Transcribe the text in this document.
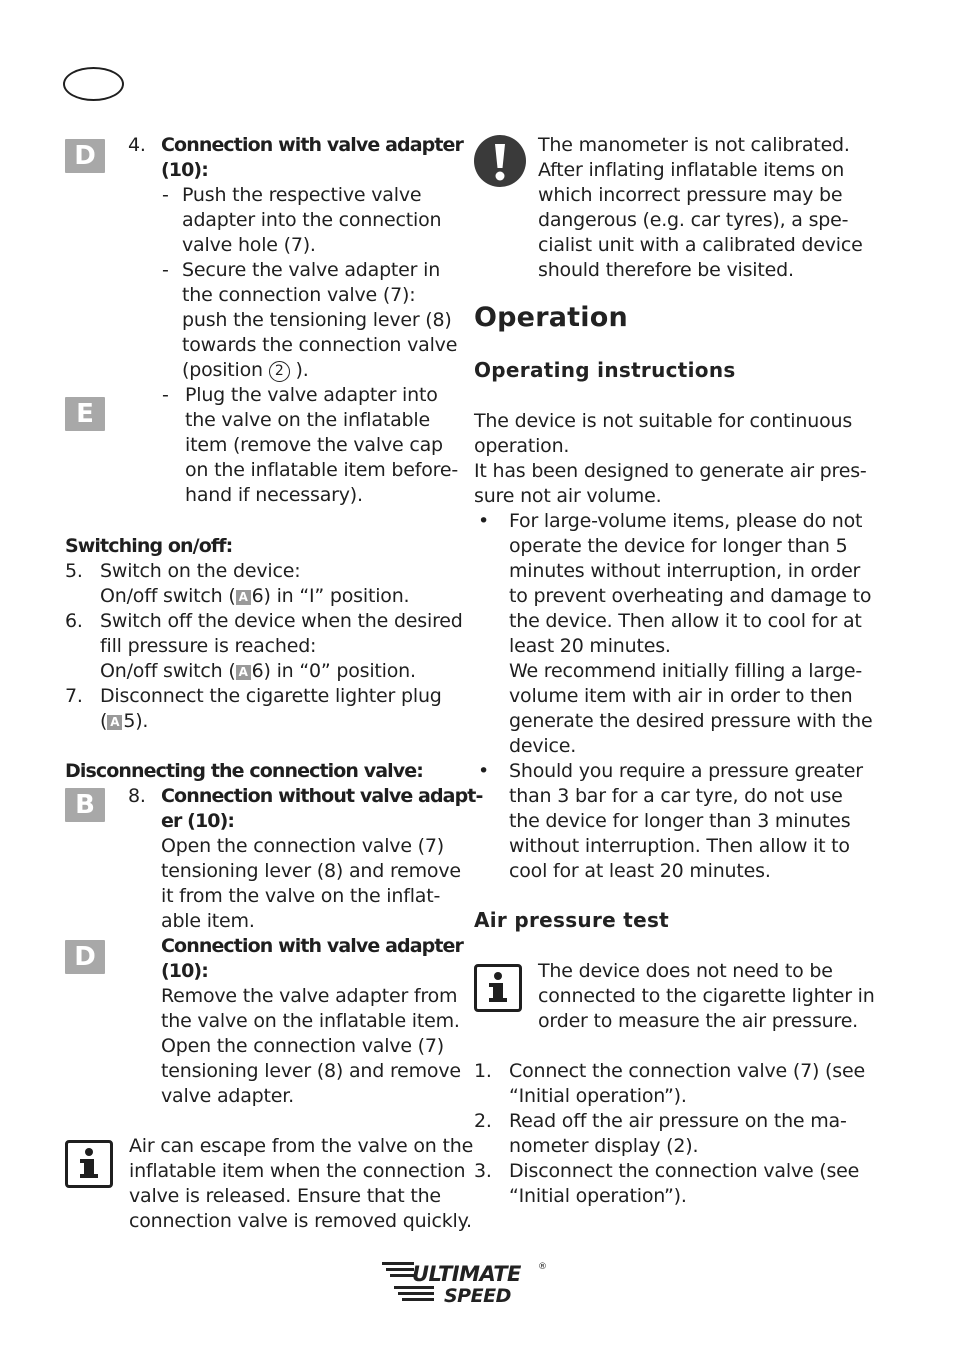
D
E
B
D
4. Connection with valve adapter
(10):
- Push the respective valve
adapter into the connection
valve hole (7).
- Secure the valve adapter in
the connection valve (7):
push the tensioning lever (8)
towards the connection valve
(position 2 ).
- Plug the valve adapter into
the valve on the inflatable
item (remove the valve cap
on the inflatable item before-
hand if necessary).
Switching on/off:
5. Switch on the device:
On/off switch ( A 6) in “I” position.
6. Switch off the device when the desired
fill pressure is reached:
On/off switch ( A 6) in “0” position.
7. Disconnect the cigarette lighter plug
( A 5).
Disconnecting the connection valve:
8. Connection without valve adapt-
er (10):
Open the connection valve (7)
tensioning lever (8) and remove
it from the valve on the inflat-
able item.
Connection with valve adapter
(10):
Remove the valve adapter from
the valve on the inflatable item.
Open the connection valve (7)
tensioning lever (8) and remove
valve adapter.
Air can escape from the valve on the
inflatable item when the connection
valve is released. Ensure that the
connection valve is removed quickly.
The manometer is not calibrated.
After inflating inflatable items on
which incorrect pressure may be
dangerous (e.g. car tyres), a spe-
cialist unit with a calibrated device
should therefore be visited.
Operation
Operating instructions
The device is not suitable for continuous
operation.
It has been designed to generate air pres-
sure not air volume.
• For large-volume items, please do not
operate the device for longer than 5
minutes without interruption, in order
to prevent overheating and damage to
the device. Then allow it to cool for at
least 20 minutes.
We recommend initially filling a large-
volume item with air in order to then
generate the desired pressure with the
device.
• Should you require a pressure greater
than 3 bar for a car tyre, do not use
the device for longer than 3 minutes
without interruption. Then allow it to
cool for at least 20 minutes.
Air pressure test
The device does not need to be
connected to the cigarette lighter in
order to measure the air pressure.
1. Connect the connection valve (7) (see
“Initial operation”).
2. Read off the air pressure on the ma-
nometer display (2).
3. Disconnect the connection valve (see
“Initial operation”).
ULTIMATE
SPEED
®
